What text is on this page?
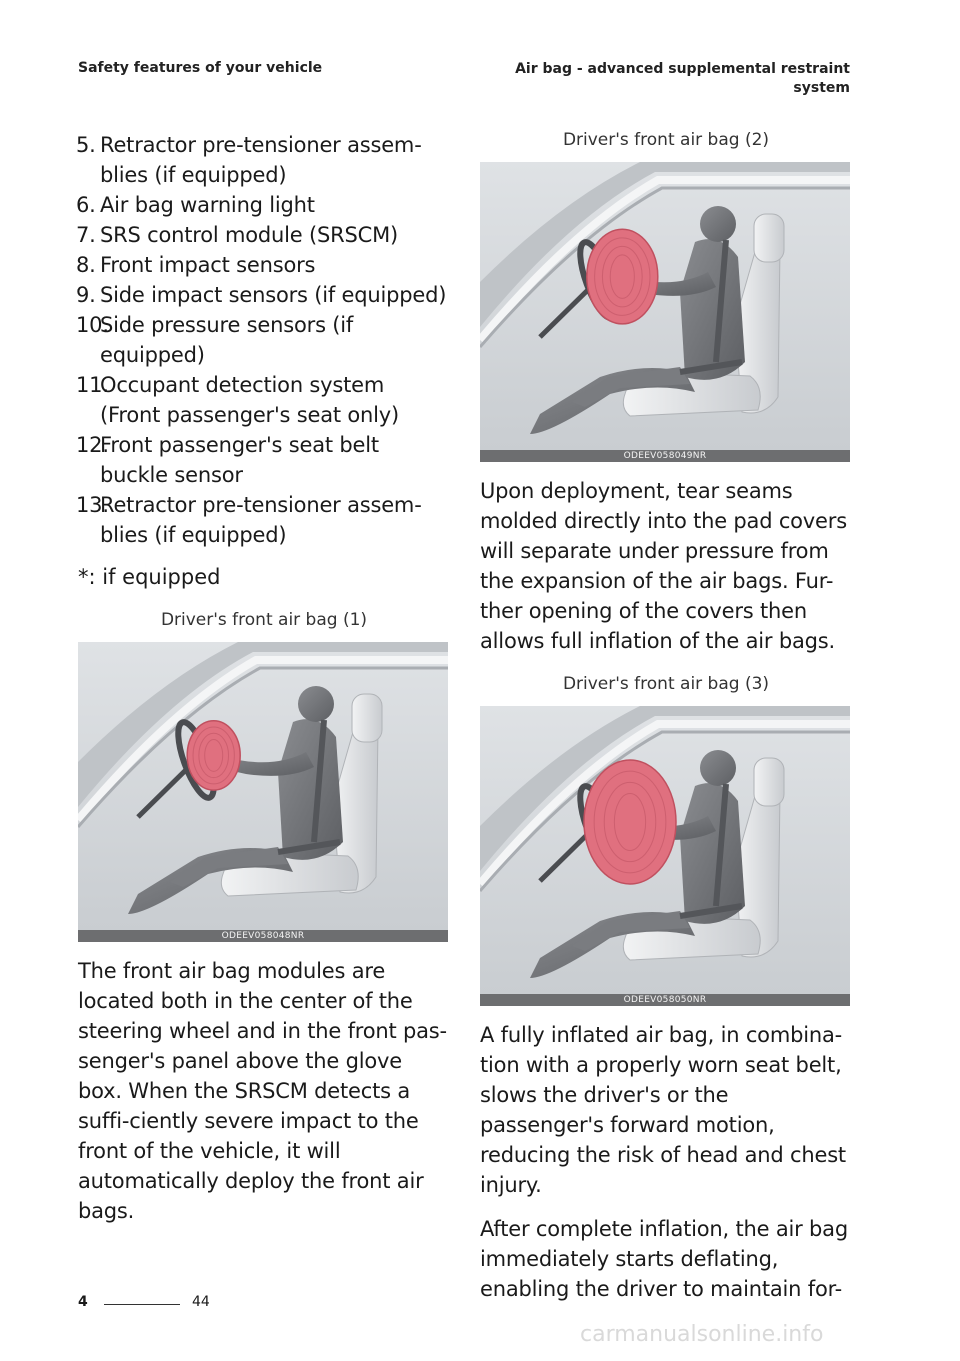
Safety features of your vehicle	Air bag - advanced supplemental restraint
system
5. Retractor pre-tensioner assem-blies (if equipped)
6. Air bag warning light
7. SRS control module (SRSCM)
8. Front impact sensors
9. Side impact sensors (if equipped)
10.
Side pressure sensors (if equipped)
11.
Occupant detection system (Front passenger's seat only)
12.
Front passenger's seat belt buckle sensor
13.
Retractor pre-tensioner assem-blies (if equipped)
*: if equipped
Driver's front air bag (1)
ODEEV058048NR

The front air bag modules are located both in the center of the steering wheel and in the front pas-senger's panel above the glove box. When the SRSCM detects a suffi-ciently severe impact to the front of the vehicle, it will automatically deploy the front air bags.

Driver's front air bag (2)
ODEEV058049NR

Upon deployment, tear seams molded directly into the pad covers will separate under pressure from the expansion of the air bags. Fur-ther opening of the covers then allows full inflation of the air bags.

Driver's front air bag (3)
ODEEV058050NR

A fully inflated air bag, in combina-tion with a properly worn seat belt, slows the driver's or the passenger's forward motion, reducing the risk of head and chest injury.

After complete inflation, the air bag immediately starts deflating, enabling the driver to maintain for-

4	44
carmanualsonline.info
